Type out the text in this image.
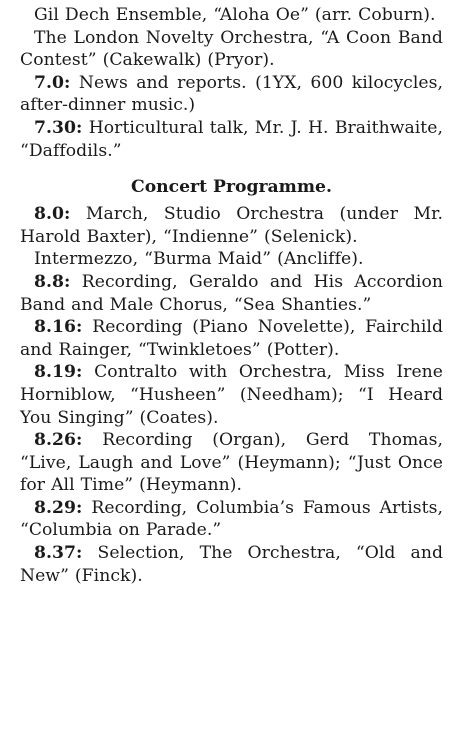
Gil Dech Ensemble, “Aloha Oe” (arr. Coburn).

The London Novelty Orchestra, “A Coon Band Contest” (Cakewalk) (Pryor).

7.0: News and reports. (1YX, 600 kilocycles, after-dinner music.)

7.30: Horticultural talk, Mr. J. H. Braithwaite, “Daffodils.”

Concert Programme.

8.0: March, Studio Orchestra (under Mr. Harold Baxter), “Indienne” (Selenick).

Intermezzo, “Burma Maid” (Ancliffe).

8.8: Recording, Geraldo and His Accordion Band and Male Chorus, “Sea Shanties.”

8.16: Recording (Piano Novelette), Fairchild and Rainger, “Twinkletoes” (Potter).

8.19: Contralto with Orchestra, Miss Irene Horniblow, “Husheen” (Needham); “I Heard You Singing” (Coates).

8.26: Recording (Organ), Gerd Thomas, “Live, Laugh and Love” (Heymann); “Just Once for All Time” (Heymann).

8.29: Recording, Columbia’s Famous Artists, “Columbia on Parade.”

8.37: Selection, The Orchestra, “Old and New” (Finck).
